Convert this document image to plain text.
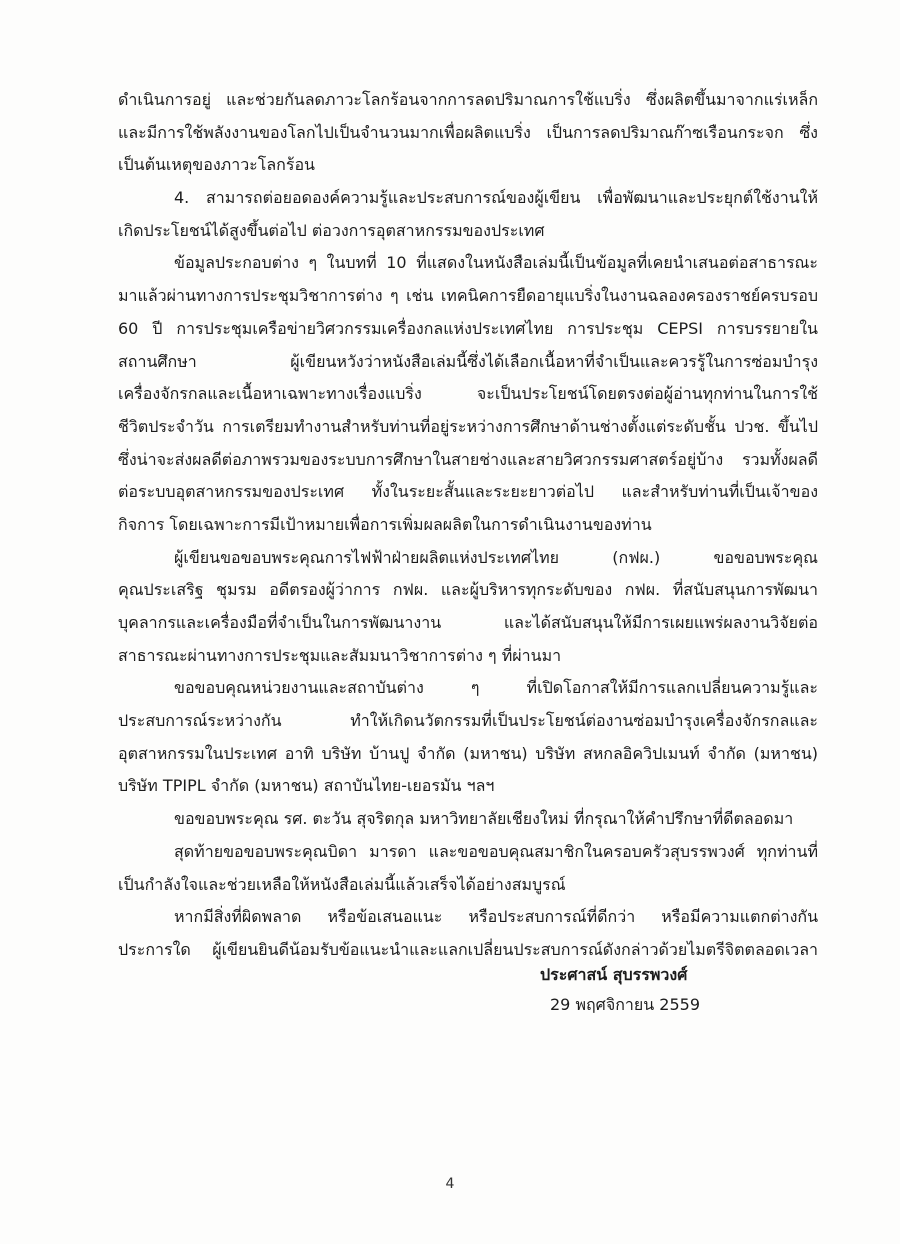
ดำเนินการอยู่ และช่วยกันลดภาวะโลกร้อนจากการลดปริมาณการใช้แบริ่ง ซึ่งผลิตขึ้นมาจากแร่เหล็ก
และมีการใช้พลังงานของโลกไปเป็นจำนวนมากเพื่อผลิตแบริ่ง เป็นการลดปริมาณก๊าซเรือนกระจก ซึ่ง
เป็นต้นเหตุของภาวะโลกร้อน
4. สามารถต่อยอดองค์ความรู้และประสบการณ์ของผู้เขียน เพื่อพัฒนาและประยุกต์ใช้งานให้
เกิดประโยชน์ได้สูงขึ้นต่อไป ต่อวงการอุตสาหกรรมของประเทศ
ข้อมูลประกอบต่าง ๆ ในบทที่ 10 ที่แสดงในหนังสือเล่มนี้เป็นข้อมูลที่เคยนำเสนอต่อสาธารณะ
มาแล้วผ่านทางการประชุมวิชาการต่าง ๆ เช่น เทคนิคการยืดอายุแบริ่งในงานฉลองครองราชย์ครบรอบ
60 ปี การประชุมเครือข่ายวิศวกรรมเครื่องกลแห่งประเทศไทย การประชุม CEPSI การบรรยายใน
สถานศึกษา ผู้เขียนหวังว่าหนังสือเล่มนี้ซึ่งได้เลือกเนื้อหาที่จำเป็นและควรรู้ในการซ่อมบำรุง
เครื่องจักรกลและเนื้อหาเฉพาะทางเรื่องแบริ่ง จะเป็นประโยชน์โดยตรงต่อผู้อ่านทุกท่านในการใช้
ชีวิตประจำวัน การเตรียมทำงานสำหรับท่านที่อยู่ระหว่างการศึกษาด้านช่างตั้งแต่ระดับชั้น ปวช. ขึ้นไป
ซึ่งน่าจะส่งผลดีต่อภาพรวมของระบบการศึกษาในสายช่างและสายวิศวกรรมศาสตร์อยู่บ้าง รวมทั้งผลดี
ต่อระบบอุตสาหกรรมของประเทศ ทั้งในระยะสั้นและระยะยาวต่อไป และสำหรับท่านที่เป็นเจ้าของ
กิจการ โดยเฉพาะการมีเป้าหมายเพื่อการเพิ่มผลผลิตในการดำเนินงานของท่าน
ผู้เขียนขอขอบพระคุณการไฟฟ้าฝ่ายผลิตแห่งประเทศไทย (กฟผ.) ขอขอบพระคุณ
คุณประเสริฐ ชุมรม อดีตรองผู้ว่าการ กฟผ. และผู้บริหารทุกระดับของ กฟผ. ที่สนับสนุนการพัฒนา
บุคลากรและเครื่องมือที่จำเป็นในการพัฒนางาน และได้สนับสนุนให้มีการเผยแพร่ผลงานวิจัยต่อ
สาธารณะผ่านทางการประชุมและสัมมนาวิชาการต่าง ๆ ที่ผ่านมา
ขอขอบคุณหน่วยงานและสถาบันต่าง ๆ ที่เปิดโอกาสให้มีการแลกเปลี่ยนความรู้และ
ประสบการณ์ระหว่างกัน ทำให้เกิดนวัตกรรมที่เป็นประโยชน์ต่องานซ่อมบำรุงเครื่องจักรกลและ
อุตสาหกรรมในประเทศ อาทิ บริษัท บ้านปู จำกัด (มหาชน) บริษัท สหกลอิควิปเมนท์ จำกัด (มหาชน)
บริษัท TPIPL จำกัด (มหาชน) สถาบันไทย-เยอรมัน ฯลฯ
ขอขอบพระคุณ รศ. ตะวัน สุจริตกุล มหาวิทยาลัยเชียงใหม่ ที่กรุณาให้คำปรึกษาที่ดีตลอดมา
สุดท้ายขอขอบพระคุณบิดา มารดา และขอขอบคุณสมาชิกในครอบครัวสุบรรพวงศ์ ทุกท่านที่
เป็นกำลังใจและช่วยเหลือให้หนังสือเล่มนี้แล้วเสร็จได้อย่างสมบูรณ์
หากมีสิ่งที่ผิดพลาด หรือข้อเสนอแนะ หรือประสบการณ์ที่ดีกว่า หรือมีความแตกต่างกัน
ประการใด ผู้เขียนยินดีน้อมรับข้อแนะนำและแลกเปลี่ยนประสบการณ์ดังกล่าวด้วยไมตรีจิตตลอดเวลา
ประศาสน์ สุบรรพวงศ์
29 พฤศจิกายน 2559
4
